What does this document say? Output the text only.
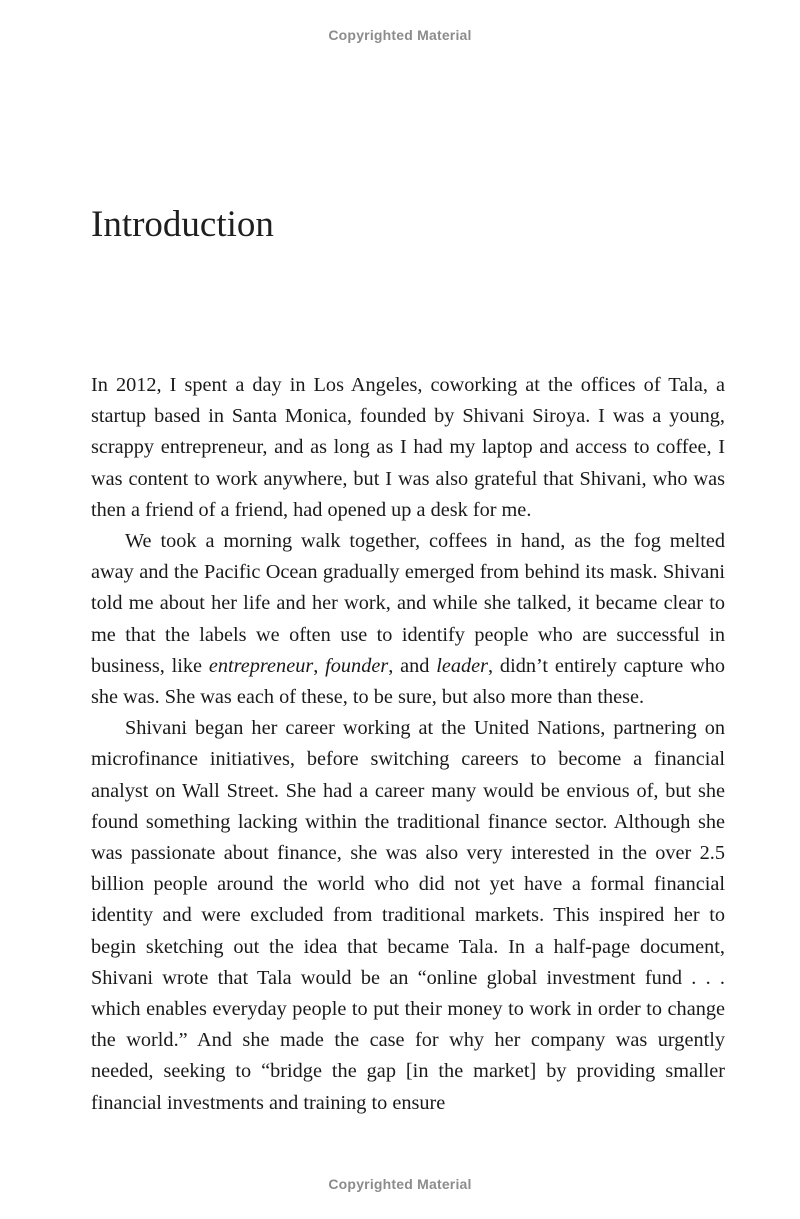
Copyrighted Material
Introduction

In 2012, I spent a day in Los Angeles, coworking at the offices of Tala, a startup based in Santa Monica, founded by Shivani Siroya. I was a young, scrappy entrepreneur, and as long as I had my laptop and access to coffee, I was content to work anywhere, but I was also grateful that Shivani, who was then a friend of a friend, had opened up a desk for me.

We took a morning walk together, coffees in hand, as the fog melted away and the Pacific Ocean gradually emerged from behind its mask. Shivani told me about her life and her work, and while she talked, it became clear to me that the labels we often use to identify people who are successful in business, like entrepreneur, founder, and leader, didn’t entirely capture who she was. She was each of these, to be sure, but also more than these.

Shivani began her career working at the United Nations, partnering on microfinance initiatives, before switching careers to become a financial analyst on Wall Street. She had a career many would be envious of, but she found something lacking within the traditional finance sector. Although she was passionate about finance, she was also very interested in the over 2.5 billion people around the world who did not yet have a formal financial identity and were excluded from traditional markets. This inspired her to begin sketching out the idea that became Tala. In a half-page document, Shivani wrote that Tala would be an “online global investment fund . . . which enables everyday people to put their money to work in order to change the world.” And she made the case for why her company was urgently needed, seeking to “bridge the gap [in the market] by providing smaller financial investments and training to ensure

Copyrighted Material
